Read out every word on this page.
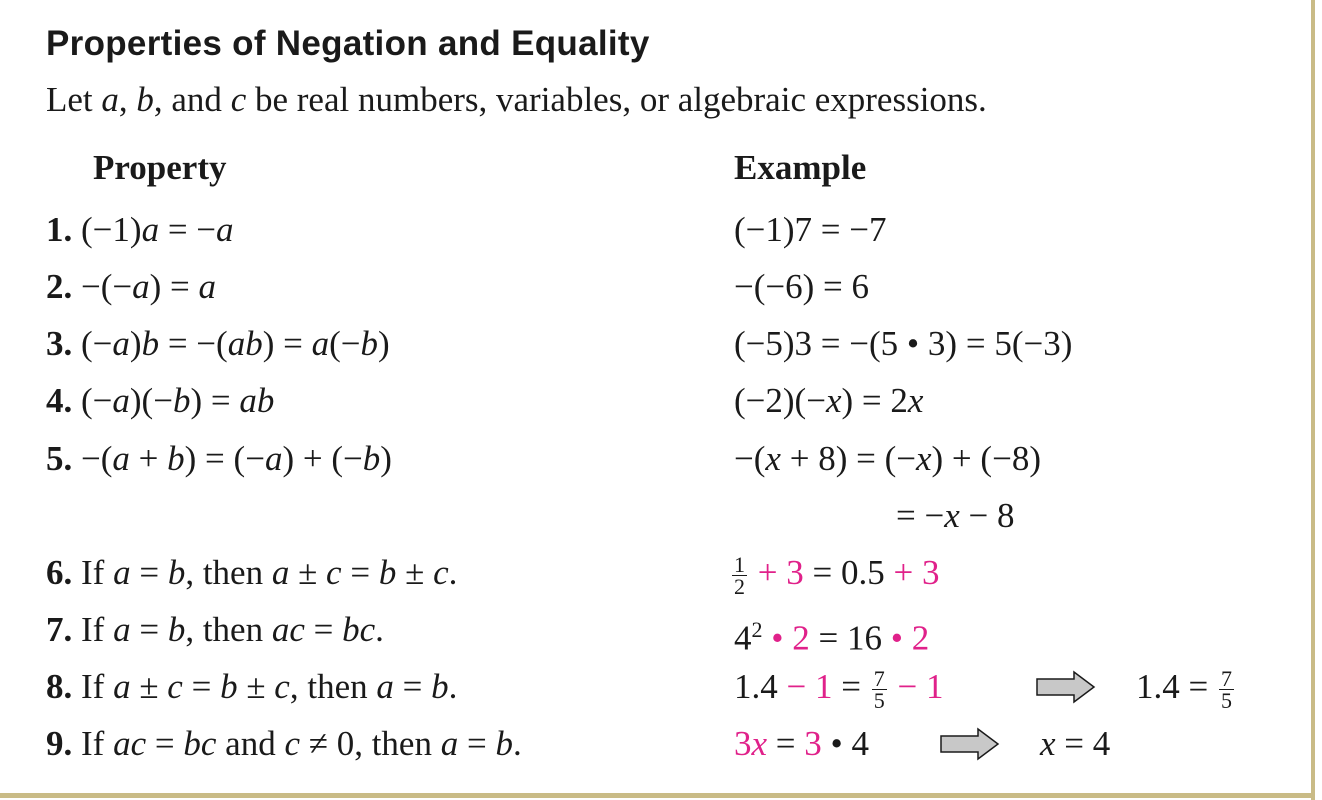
Properties of Negation and Equality
Let a, b, and c be real numbers, variables, or algebraic expressions.
Property	Example
1. (−1)a = −a	(−1)7 = −7
2. −(−a) = a	−(−6) = 6
3. (−a)b = −(ab) = a(−b)	(−5)3 = −(5 • 3) = 5(−3)
4. (−a)(−b) = ab	(−2)(−x) = 2x
5. −(a + b) = (−a) + (−b)	−(x + 8) = (−x) + (−8)
= −x − 8
6. If a = b, then a ± c = b ± c.	$\frac{1}{2} + 3 = 0.5 + 3$
7. If a = b, then ac = bc.	$4^2$ • 2 = 16 • 2
8. If a ± c = b ± c, then a = b.	$1.4 - 1 = \frac{7}{5} - 1$	$1.4 = \frac{7}{5}$
9. If ac = bc and c ≠ 0, then a = b.	3x = 3 • 4	x = 4
